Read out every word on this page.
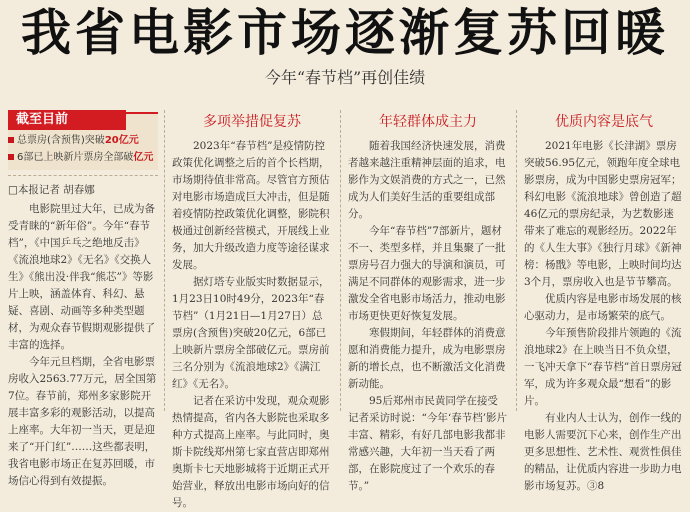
我省电影市场逐渐复苏回暖
今年“春节档”再创佳绩
截至目前
总票房(含预售)突破20亿元
6部已上映新片票房全部破亿元
□本报记者 胡春娜

电影院里过大年，已成为备受青睐的“新年俗”。今年“春节档”，《中国乒乓之绝地反击》《流浪地球2》《无名》《交换人生》《熊出没·伴我“熊芯”》等影片上映，涵盖体育、科幻、悬疑、喜剧、动画等多种类型题材，为观众春节假期观影提供了丰富的选择。

今年元旦档期，全省电影票房收入2563.77万元，居全国第7位。春节前，郑州多家影院开展丰富多彩的观影活动，以提高上座率。大年初一当天，更是迎来了“开门红”……这些都表明，我省电影市场正在复苏回暖，市场信心得到有效提振。

多项举措促复苏

2023年“春节档”是疫情防控政策优化调整之后的首个长档期，市场期待值非常高。尽管官方预估对电影市场造成巨大冲击，但是随着疫情防控政策优化调整，影院积极通过创新经营模式，开展线上业务，加大升级改造力度等途径谋求发展。

据灯塔专业版实时数据显示，1月23日10时49分，2023年“春节档”（1月21日—1月27日）总票房(含预售)突破20亿元，6部已上映新片票房全部破亿元。票房前三名分别为《流浪地球2》《满江红》《无名》。

记者在采访中发现，观众观影热情提高，省内各大影院也采取多种方式提高上座率。与此同时，奥斯卡院线郑州第七家直营店即郑州奥斯卡七天地影城将于近期正式开始营业，释放出电影市场向好的信号。

年轻群体成主力

随着我国经济快速发展，消费者越来越注重精神层面的追求，电影作为文娱消费的方式之一，已然成为人们美好生活的重要组成部分。

今年“春节档”7部新片，题材不一、类型多样，并且集聚了一批票房号召力强大的导演和演员，可满足不同群体的观影需求，进一步激发全省电影市场活力，推动电影市场更快更好恢复发展。

寒假期间，年轻群体的消费意愿和消费能力提升，成为电影票房新的增长点，也不断激活文化消费新动能。

95后郑州市民黄同学在接受记者采访时说：“今年‘春节档’影片丰富、精彩，有好几部电影我都非常感兴趣，大年初一当天看了两部，在影院度过了一个欢乐的春节。”

优质内容是底气

2021年电影《长津湖》票房突破56.95亿元，领跑年度全球电影票房，成为中国影史票房冠军；科幻电影《流浪地球》曾创造了超46亿元的票房纪录，为艺数影迷带来了难忘的观影经历。2022年的《人生大事》《独行月球》《新神榜：杨戬》等电影，上映时间均达3个月，票房收入也是节节攀高。

优质内容是电影市场发展的核心驱动力，是市场繁荣的底气。

今年预售阶段排片领跑的《流浪地球2》在上映当日不负众望，一飞冲天拿下“春节档”首日票房冠军，成为许多观众最“想看”的影片。

有业内人士认为，创作一线的电影人需要沉下心来，创作生产出更多思想性、艺术性、观赏性俱佳的精品，让优质内容进一步助力电影市场复苏。③8
